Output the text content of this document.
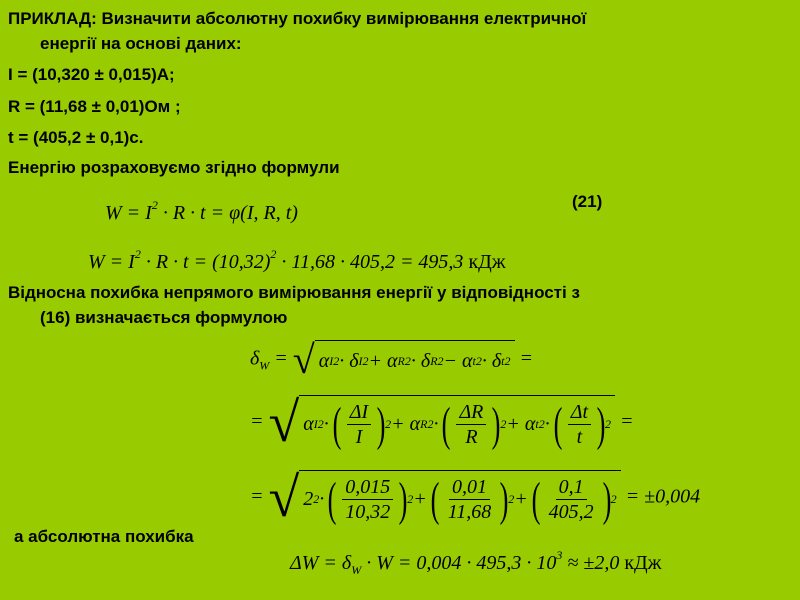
ПРИКЛАД: Визначити абсолютну похибку вимірювання електричної
енергії на основі даних:
I = (10,320 ± 0,015)А;
R = (11,68 ± 0,01)Ом ;
t = (405,2 ± 0,1)с.
Енергію розраховуємо згідно формули
(21)
$W = I^2 \cdot R \cdot t = \varphi(I$, R, t)
$W = I^2 \cdot R \cdot t = (10,32)^2 \cdot 11,68 \cdot 405,2 = 495,3$ кДж
Відносна похибка непрямого вимірювання енергії у відповідності з
(16) визначається формулою
$\delta_W$ = √ α I 2 · δ I 2 + α R 2 · δ R 2 − α t 2 · δ t 2 =
= √ α I 2 · ( $\frac{\Delta I}{I}$ ) 2 + α R 2 · ( $\frac{\Delta R}{R}$ ) 2 + α t 2 · ( $\frac{\Delta t}{t}$ ) 2 =
= √ 2 2 · ( $\frac{0,015}{10,32}$ ) 2 + ( $\frac{0,01}{11,68}$ ) 2 + ( $\frac{0,1}{405,2}$ ) 2 = ±0,004
а абсолютна похибка
$\Delta W = \delta_W \cdot W = 0,004 \cdot 495,3 \cdot 10^3 \approx \pm 2,0$ кДж
